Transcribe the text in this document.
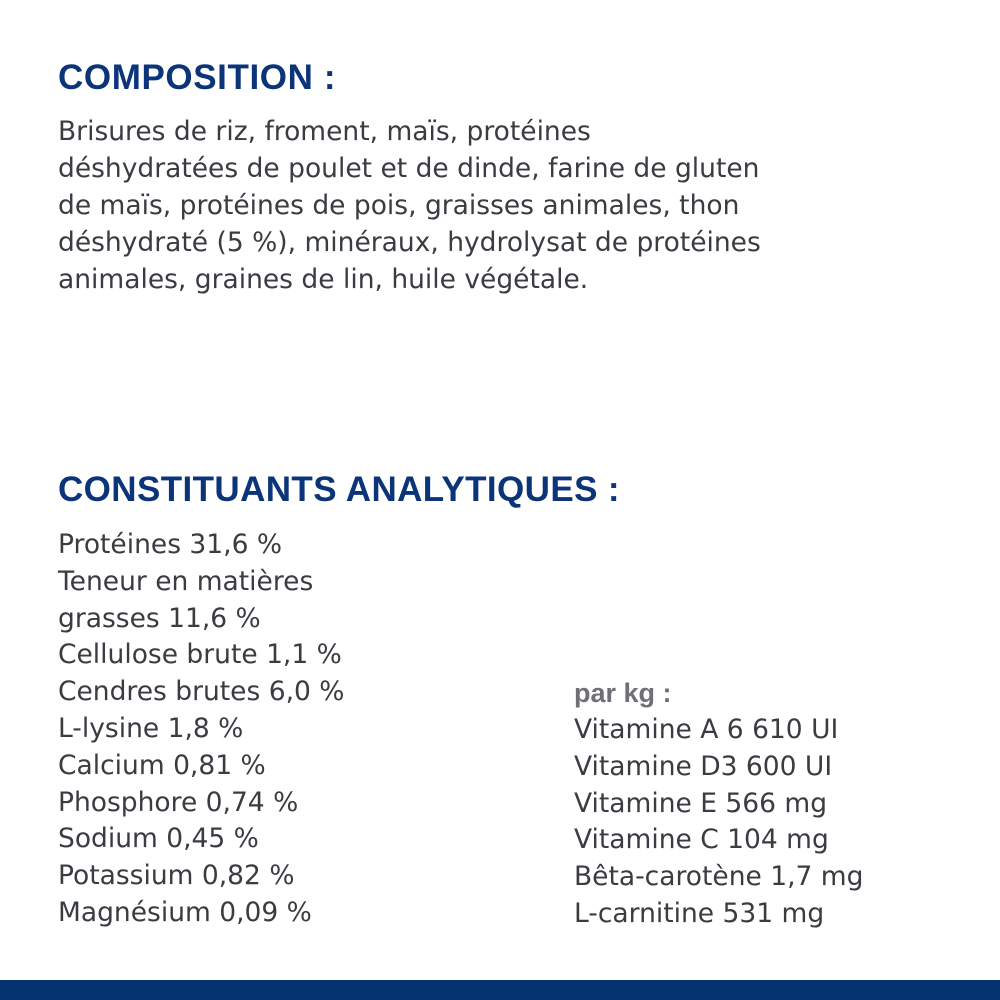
COMPOSITION :

Brisures de riz, froment, maïs, protéines
déshydratées de poulet et de dinde, farine de gluten
de maïs, protéines de pois, graisses animales, thon
déshydraté (5 %), minéraux, hydrolysat de protéines
animales, graines de lin, huile végétale.

CONSTITUANTS ANALYTIQUES :
Protéines 31,6 %
Teneur en matières
grasses 11,6 %
Cellulose brute 1,1 %
Cendres brutes 6,0 %
L-lysine 1,8 %
Calcium 0,81 %
Phosphore 0,74 %
Sodium 0,45 %
Potassium 0,82 %
Magnésium 0,09 %

par kg :

Vitamine A 6 610 UI
Vitamine D3 600 UI
Vitamine E 566 mg
Vitamine C 104 mg
Bêta-carotène 1,7 mg
L-carnitine 531 mg
